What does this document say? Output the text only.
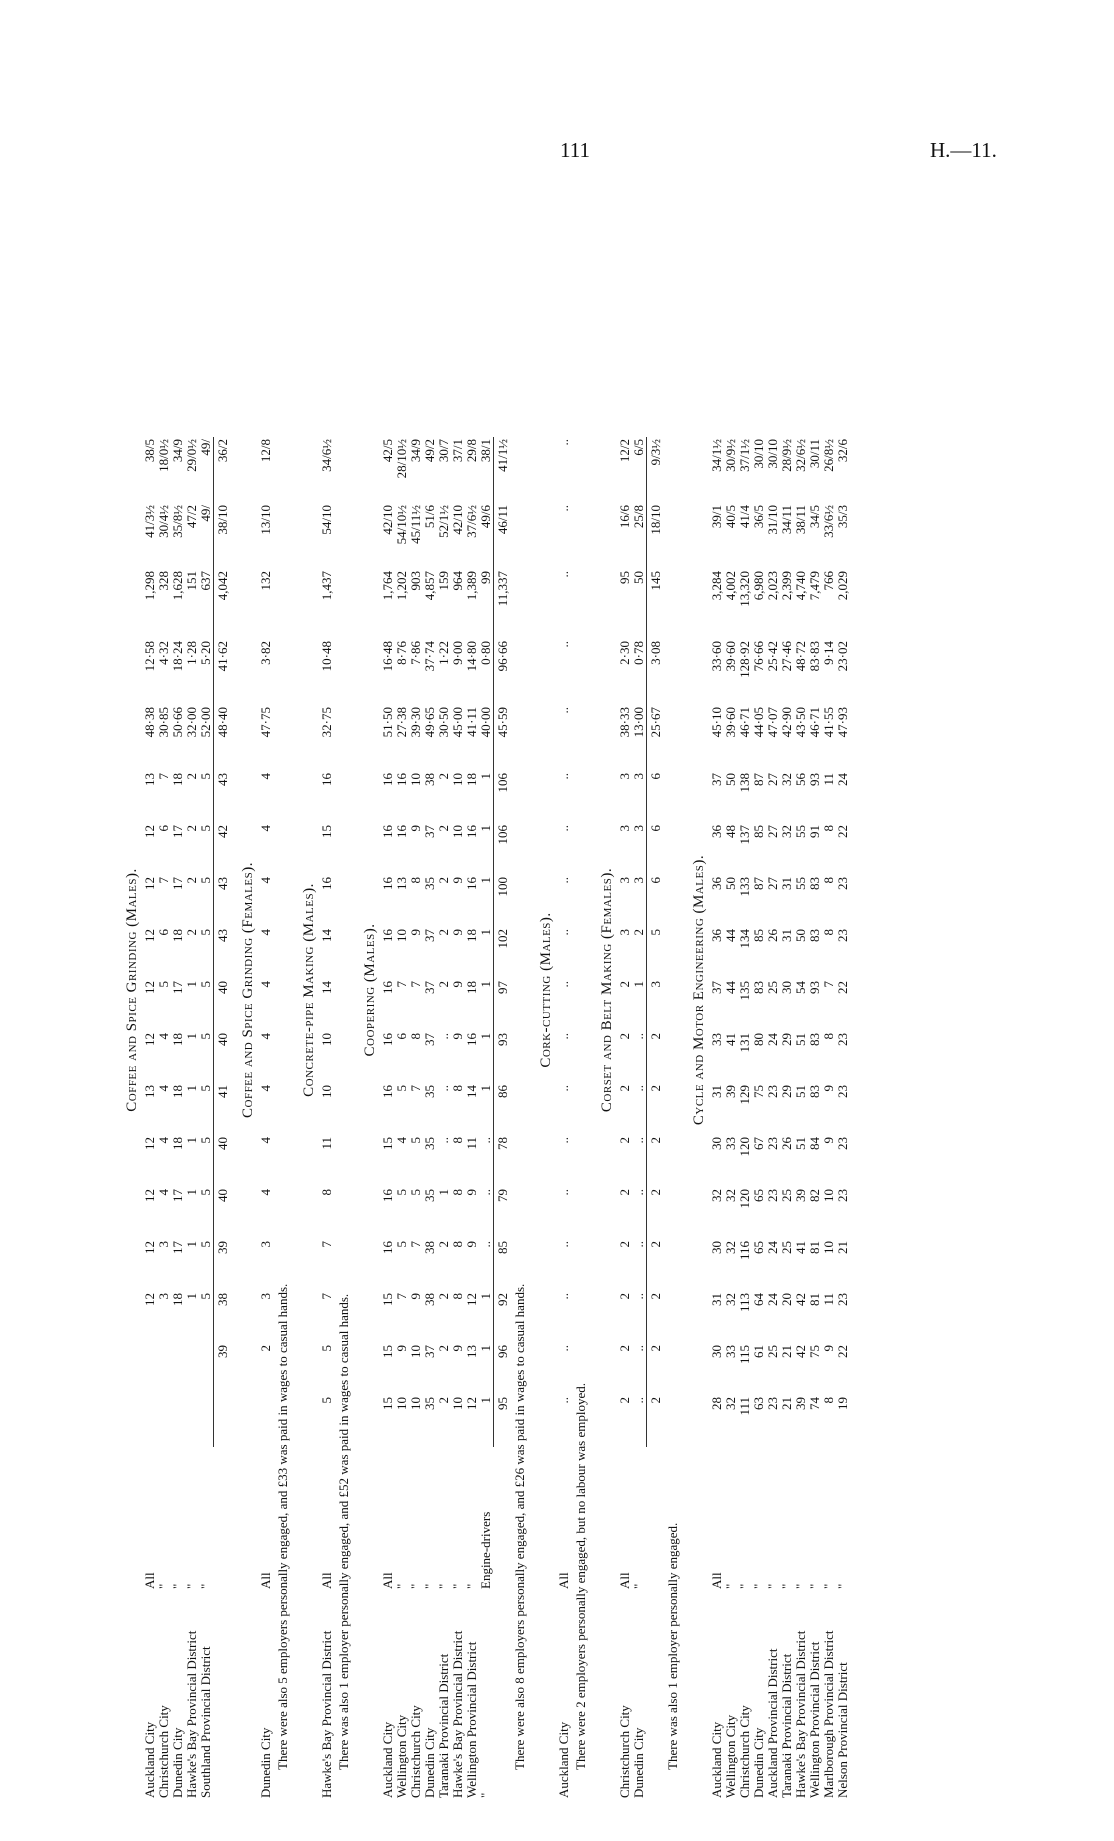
111	H.—11.
Coffee and Spice Grinding (Males).
Auckland City	All			12	12	12	12	13	12	12	12	12	12	13	48·38	12·58	1,298	41/3½	38/5
Christchurch City	"			3	3	4	4	4	4	5	6	7	6	7	30·85	4·32	328	30/4½	18/0½
Dunedin City	"			18	17	17	18	18	18	17	18	17	17	18	50·66	18·24	1,628	35/8½	34/9
Hawke's Bay Provincial District	"			1	1	1	1	1	1	1	2	2	2	2	32·00	1·28	151	47/2	29/0½
Southland Provincial District	"			5	5	5	5	5	5	5	5	5	5	5	52·00	5·20	637	49/	49/
			39	38	39	40	40	41	40	40	43	43	42	43	48·40	41·62	4,042	38/10	36/2
Coffee and Spice Grinding (Females).
Dunedin City	All		2	3	3	4	4	4	4	4	4	4	4	4	47·75	3·82	132	13/10	12/8
There were also 5 employers personally engaged, and £33 was paid in wages to casual hands.
Concrete-pipe Making (Males).
Hawke's Bay Provincial District	All	5	5	7	7	8	11	10	10	14	14	16	15	16	32·75	10·48	1,437	54/10	34/6½
There was also 1 employer personally engaged, and £52 was paid in wages to casual hands.
Coopering (Males).
Auckland City	All	15	15	15	16	16	15	16	16	16	16	16	16	16	51·50	16·48	1,764	42/10	42/5
Wellington City	"	10	9	7	5	5	4	5	6	7	10	13	16	16	27·38	8·76	1,202	54/10½	28/10½
Christchurch City	"	10	10	9	7	5	5	7	8	7	9	8	9	10	39·30	7·86	903	45/11½	34/9
Dunedin City	"	35	37	38	38	35	35	35	37	37	37	35	37	38	49·65	37·74	4,857	51/6	49/2
Taranaki Provincial District	"	2	2	2	2	1	..	..	..	2	2	2	2	2	30·50	1·22	159	52/1½	30/7
Hawke's Bay Provincial District	"	10	9	8	8	8	8	8	9	9	9	9	10	10	45·00	9·00	964	42/10	37/1
Wellington Provincial District	"	12	13	12	9	9	11	14	16	18	18	16	16	18	41·11	14·80	1,389	37/6½	29/8
"	Engine-drivers	1	1	1	..	..	..	1	1	1	1	1	1	1	40·00	0·80	99	49/6	38/1
		95	96	92	85	79	78	86	93	97	102	100	106	106	45·59	96·66	11,337	46/11	41/1½
There were also 8 employers personally engaged, and £26 was paid in wages to casual hands.
Cork-cutting (Males).
Auckland City	All	..	..	..	..	..	..	..	..	..	..	..	..	..	..	..	..	..	..
There were 2 employers personally engaged, but no labour was employed.
Corset and Belt Making (Females).
Christchurch City	All	2	2	2	2	2	2	2	2	2	3	3	3	3	38·33	2·30	95	16/6	12/2
Dunedin City	"	..	..	..	..	..	..	..	..	1	2	3	3	3	13·00	0·78	50	25/8	6/5
		2	2	2	2	2	2	2	2	3	5	6	6	6	25·67	3·08	145	18/10	9/3½
There was also 1 employer personally engaged.
Cycle and Motor Engineering (Males).
Auckland City	All	28	30	31	30	32	30	31	33	37	36	36	36	37	45·10	33·60	3,284	39/1	34/1½
Wellington City	"	32	33	32	32	32	33	39	41	44	44	50	48	50	39·60	39·60	4,002	40/5	30/9½
Christchurch City	"	111	115	113	116	120	120	129	131	135	134	133	137	138	46·71	128·92	13,320	41/4	37/1½
Dunedin City	"	63	61	64	65	65	67	75	80	83	85	87	85	87	44·05	76·66	6,980	36/5	30/10
Auckland Provincial District	"	23	25	24	24	23	23	23	24	25	26	27	27	27	47·07	25·42	2,023	31/10	30/10
Taranaki Provincial District	"	21	21	20	25	25	26	29	29	30	31	31	32	32	42·90	27·46	2,399	34/11	28/9½
Hawke's Bay Provincial District	"	39	42	42	41	39	51	51	51	54	50	55	55	56	43·50	48·72	4,740	38/11	32/6½
Wellington Provincial District	"	74	75	81	81	82	84	83	83	93	83	83	91	93	46·71	83·83	7,479	34/5	30/11
Marlborough Provincial District	"	8	9	11	10	10	9	9	8	7	8	8	8	11	41·55	9·14	766	33/6½	26/8½
Nelson Provincial District	"	19	22	23	21	23	23	23	23	22	23	23	22	24	47·93	23·02	2,029	35/3	32/6
